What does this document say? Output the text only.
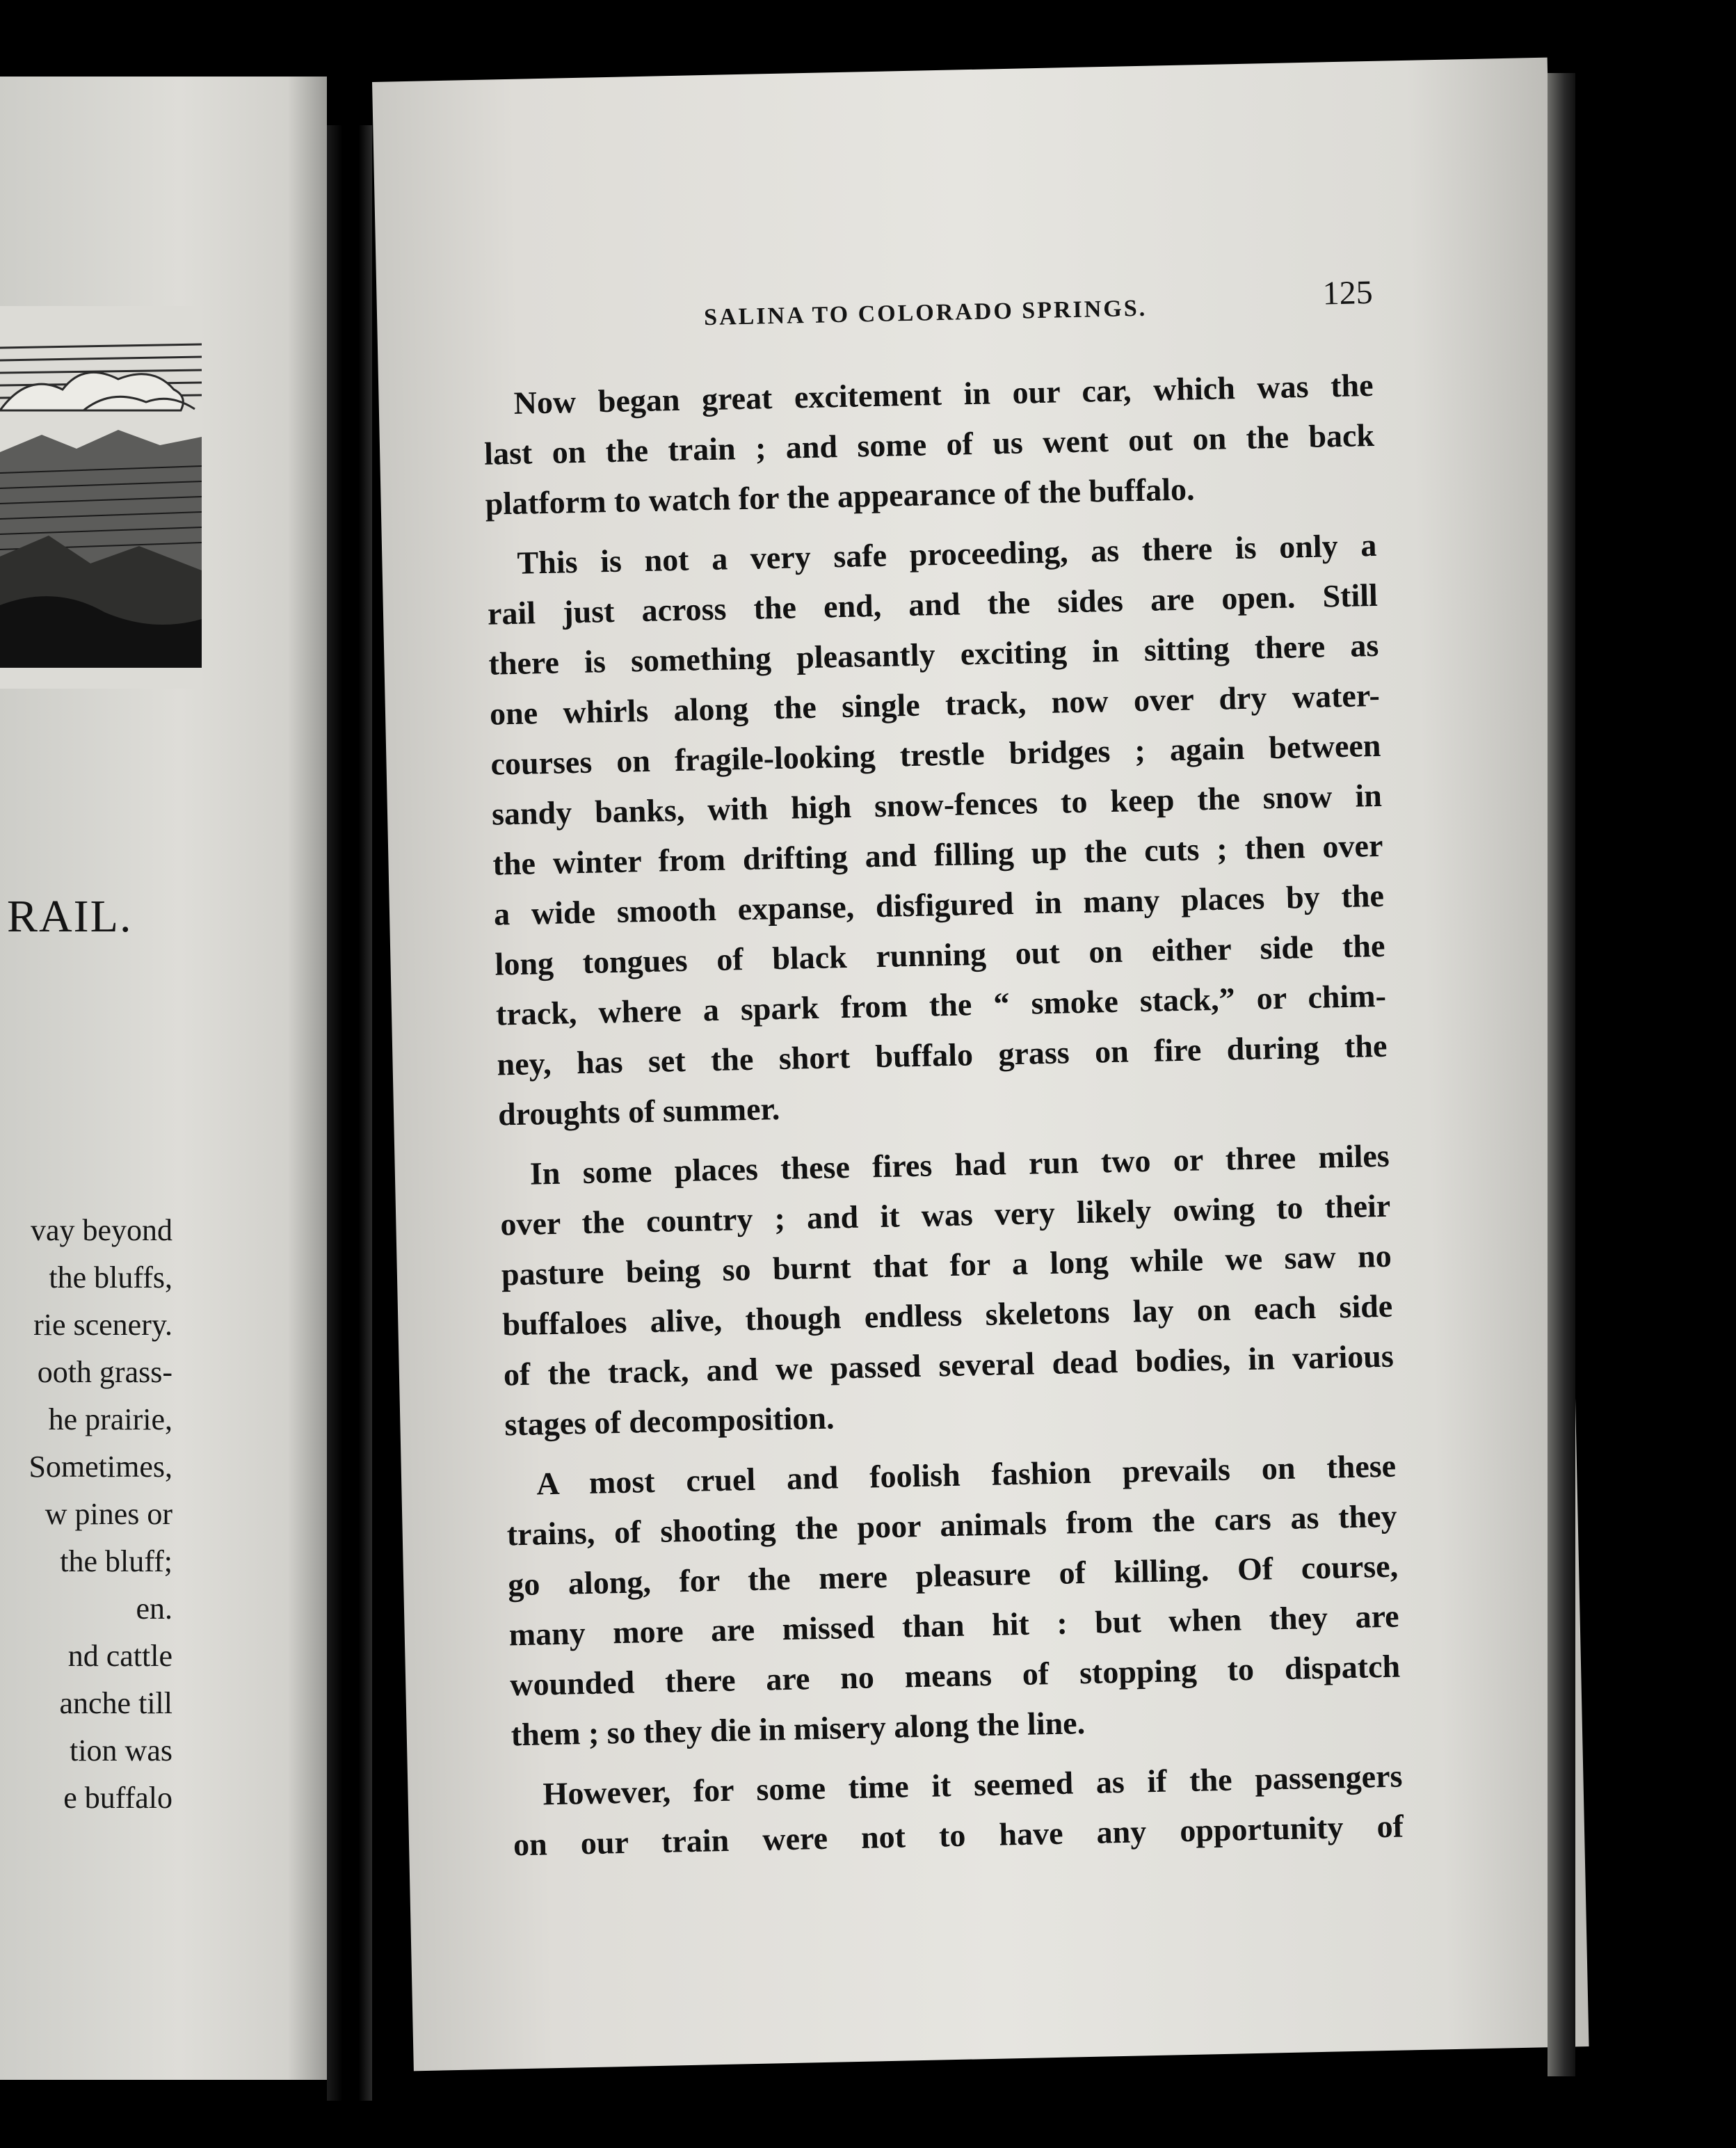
RAIL.
vay beyond
the bluffs,
rie scenery.
ooth grass-
he prairie,
Sometimes,
w pines or
the bluff;
en.
nd cattle
anche till
tion was
e buffalo
SALINA TO COLORADO SPRINGS.
125
Now began great excitement in our car, which was the
last on the train ; and some of us went out on the back
platform to watch for the appearance of the buffalo.
This is not a very safe proceeding, as there is only a
rail just across the end, and the sides are open. Still
there is something pleasantly exciting in sitting there as
one whirls along the single track, now over dry water-
courses on fragile-looking trestle bridges ; again between
sandy banks, with high snow-fences to keep the snow in
the winter from drifting and filling up the cuts ; then over
a wide smooth expanse, disfigured in many places by the
long tongues of black running out on either side the
track, where a spark from the “ smoke stack,” or chim-
ney, has set the short buffalo grass on fire during the
droughts of summer.
In some places these fires had run two or three miles
over the country ; and it was very likely owing to their
pasture being so burnt that for a long while we saw no
buffaloes alive, though endless skeletons lay on each side
of the track, and we passed several dead bodies, in various
stages of decomposition.
A most cruel and foolish fashion prevails on these
trains, of shooting the poor animals from the cars as they
go along, for the mere pleasure of killing. Of course,
many more are missed than hit : but when they are
wounded there are no means of stopping to dispatch
them ; so they die in misery along the line.
However, for some time it seemed as if the passengers
on our train were not to have any opportunity of
